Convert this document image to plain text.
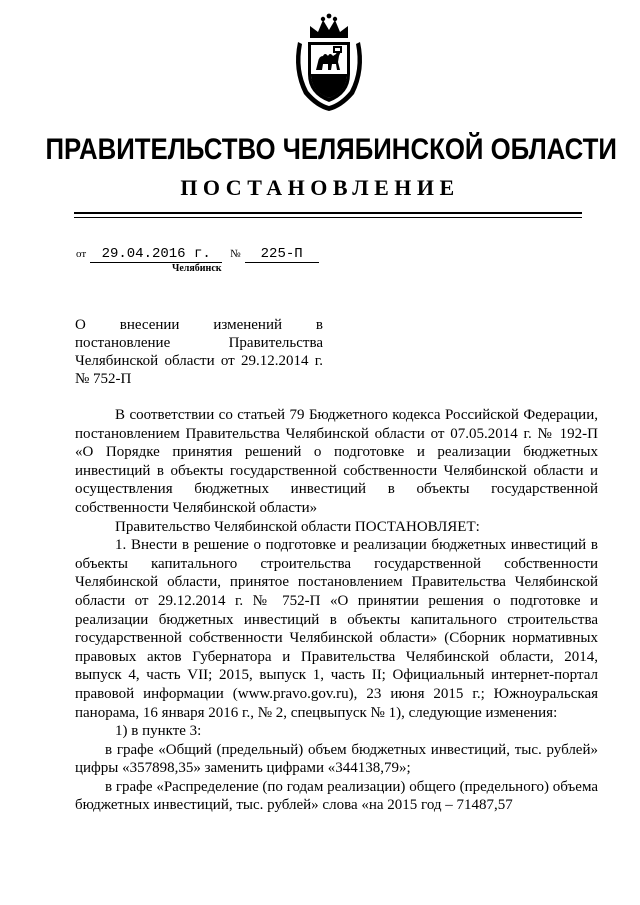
ПРАВИТЕЛЬСТВО ЧЕЛЯБИНСКОЙ ОБЛАСТИ
ПОСТАНОВЛЕНИЕ
от 29.04.2016 г. № 225-П
Челябинск
О внесении изменений в
постановление Правительства
Челябинской области от 29.12.2014 г.
№ 752-П

В соответствии со статьей 79 Бюджетного кодекса Российской Федерации, постановлением Правительства Челябинской области от 07.05.2014 г. № 192-П «О Порядке принятия решений о подготовке и реализации бюджетных инвестиций в объекты государственной собственности Челябинской области и осуществления бюджетных инвестиций в объекты государственной собственности Челябинской области»

Правительство Челябинской области ПОСТАНОВЛЯЕТ:

1. Внести в решение о подготовке и реализации бюджетных инвестиций в объекты капитального строительства государственной собственности Челябинской области, принятое постановлением Правительства Челябинской области от 29.12.2014 г. № 752-П «О принятии решения о подготовке и реализации бюджетных инвестиций в объекты капитального строительства государственной собственности Челябинской области» (Сборник нормативных правовых актов Губернатора и Правительства Челябинской области, 2014, выпуск 4, часть VII; 2015, выпуск 1, часть II; Официальный интернет-портал правовой информации (www.pravo.gov.ru), 23 июня 2015 г.; Южноуральская панорама, 16 января 2016 г., № 2, спецвыпуск № 1), следующие изменения:

1) в пункте 3:

в графе «Общий (предельный) объем бюджетных инвестиций, тыс. рублей» цифры «357898,35» заменить цифрами «344138,79»;

в графе «Распределение (по годам реализации) общего (предельного) объема бюджетных инвестиций, тыс. рублей» слова «на 2015 год – 71487,57
